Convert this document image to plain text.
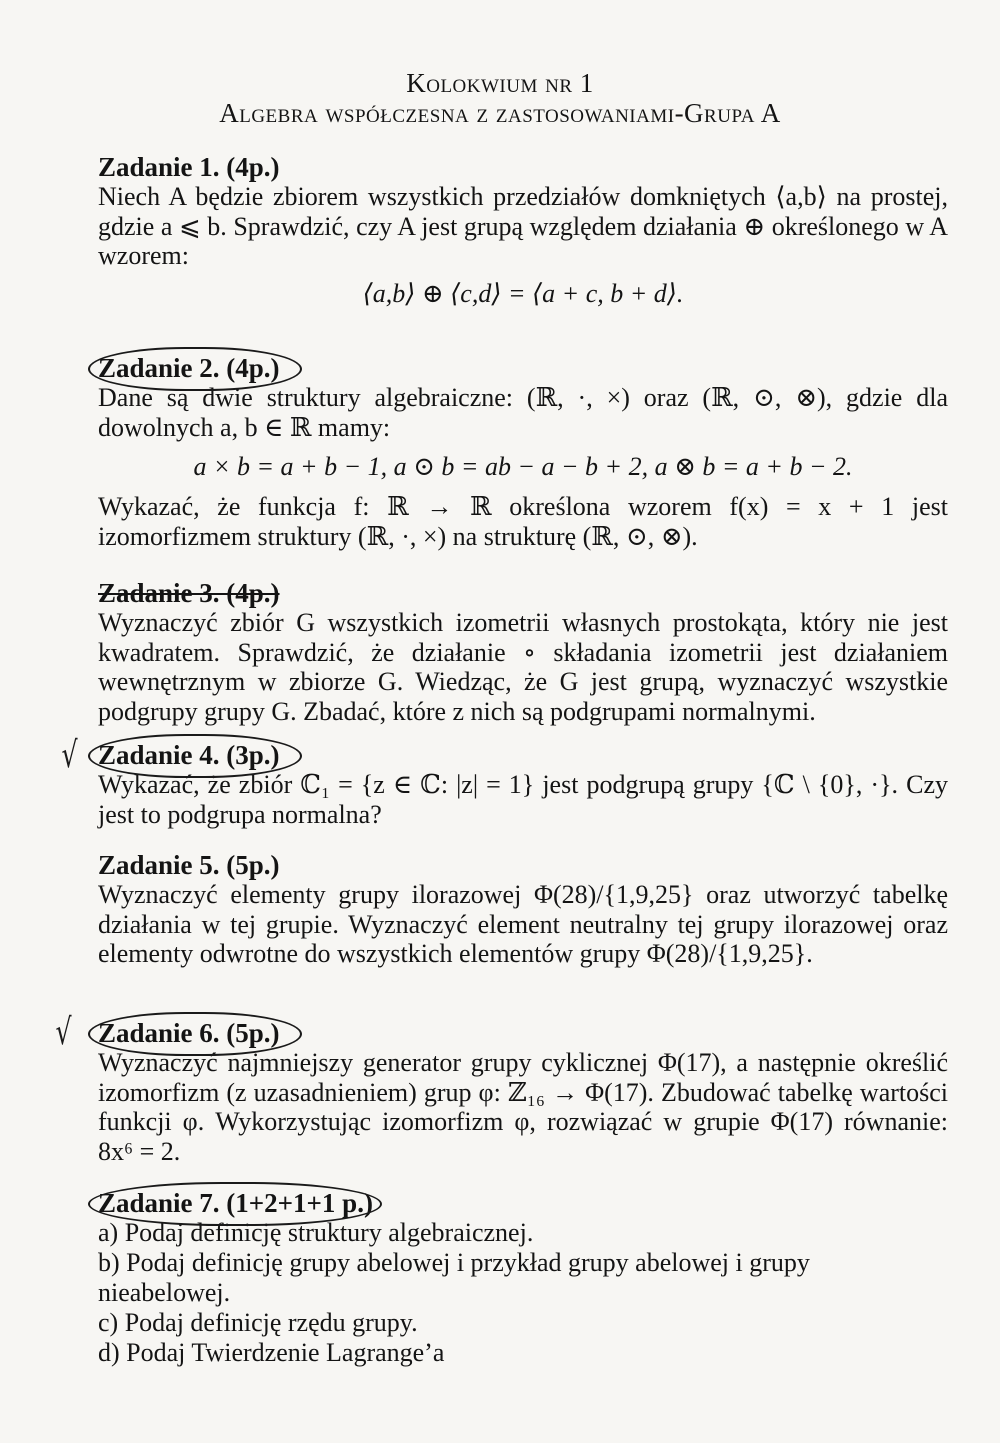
Kolokwium nr 1
Algebra współczesna z zastosowaniami-Grupa A
Zadanie 1. (4p.)
Niech A będzie zbiorem wszystkich przedziałów domkniętych ⟨a,b⟩ na prostej, gdzie a ⩽ b. Sprawdzić, czy A jest grupą względem działania ⊕ określonego w A wzorem:
⟨a,b⟩ ⊕ ⟨c,d⟩ = ⟨a + c, b + d⟩.
Zadanie 2. (4p.)
Dane są dwie struktury algebraiczne: (ℝ, ·, ×) oraz (ℝ, ⊙, ⊗), gdzie dla dowolnych a, b ∈ ℝ mamy:
a × b = a + b − 1, a ⊙ b = ab − a − b + 2, a ⊗ b = a + b − 2.
Wykazać, że funkcja f: ℝ → ℝ określona wzorem f(x) = x + 1 jest izomorfizmem struktury (ℝ, ·, ×) na strukturę (ℝ, ⊙, ⊗).
Zadanie 3. (4p.)
Wyznaczyć zbiór G wszystkich izometrii własnych prostokąta, który nie jest kwadratem. Sprawdzić, że działanie ∘ składania izometrii jest działaniem wewnętrznym w zbiorze G. Wiedząc, że G jest grupą, wyznaczyć wszystkie podgrupy grupy G. Zbadać, które z nich są podgrupami normalnymi.
√ Zadanie 4. (3p.)
Wykazać, że zbiór ℂ₁ = {z ∈ ℂ: |z| = 1} jest podgrupą grupy {ℂ \ {0}, ·}. Czy jest to podgrupa normalna?
Zadanie 5. (5p.)
Wyznaczyć elementy grupy ilorazowej Φ(28)/{1,9,25} oraz utworzyć tabelkę działania w tej grupie. Wyznaczyć element neutralny tej grupy ilorazowej oraz elementy odwrotne do wszystkich elementów grupy Φ(28)/{1,9,25}.
√ Zadanie 6. (5p.)
Wyznaczyć najmniejszy generator grupy cyklicznej Φ(17), a następnie określić izomorfizm (z uzasadnieniem) grup φ: ℤ₁₆ → Φ(17). Zbudować tabelkę wartości funkcji φ. Wykorzystując izomorfizm φ, rozwiązać w grupie Φ(17) równanie: 8x⁶ = 2.
Zadanie 7. (1+2+1+1 p.)
a) Podaj definicję struktury algebraicznej.
b) Podaj definicję grupy abelowej i przykład grupy abelowej i grupy nieabelowej.
c) Podaj definicję rzędu grupy.
d) Podaj Twierdzenie Lagrange’a
